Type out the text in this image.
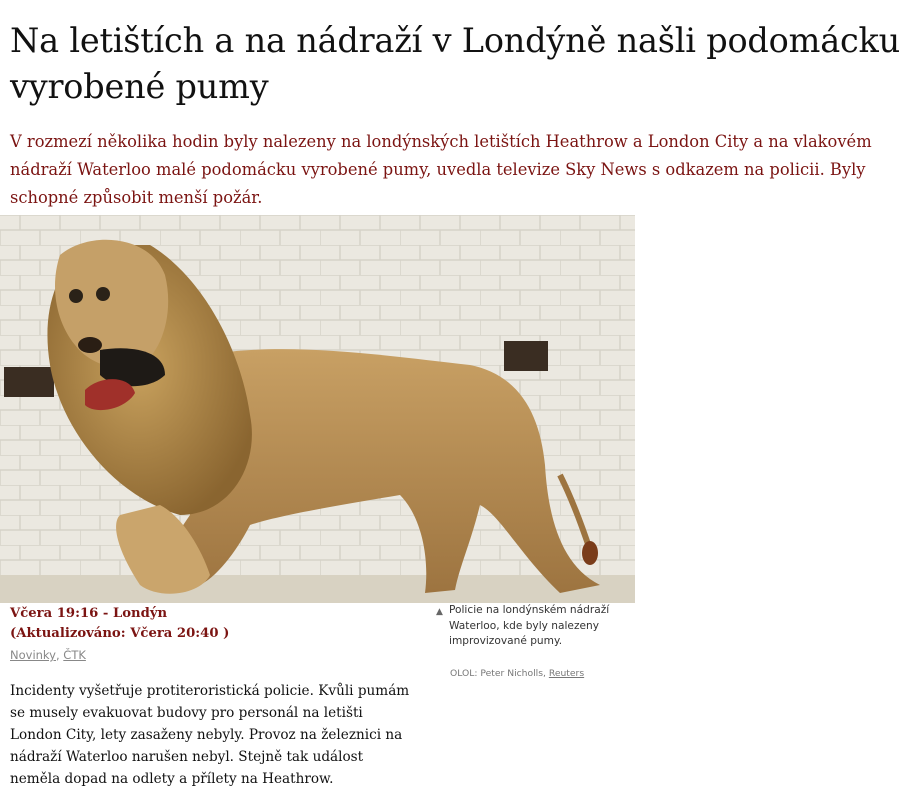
Na letištích a na nádraží v Londýně našli podomácku vyrobené pumy

V rozmezí několika hodin byly nalezeny na londýnských letištích Heathrow a London City a na vlakovém nádraží Waterloo malé podomácku vyrobené pumy, uvedla televize Sky News s odkazem na policii. Byly schopné způsobit menší požár.

Včera 19:16 - Londýn
(Aktualizováno: Včera 20:40 )
Novinky, ČTK
▲ Policie na londýnském nádraží Waterloo, kde byly nalezeny improvizované pumy.
OLOL: Peter Nicholls, Reuters

Incidenty vyšetřuje protiteroristická policie. Kvůli pumám se musely evakuovat budovy pro personál na letišti London City, lety zasaženy nebyly. Provoz na železnici na nádraží Waterloo narušen nebyl. Stejně tak událost neměla dopad na odlety a přílety na Heathrow.
